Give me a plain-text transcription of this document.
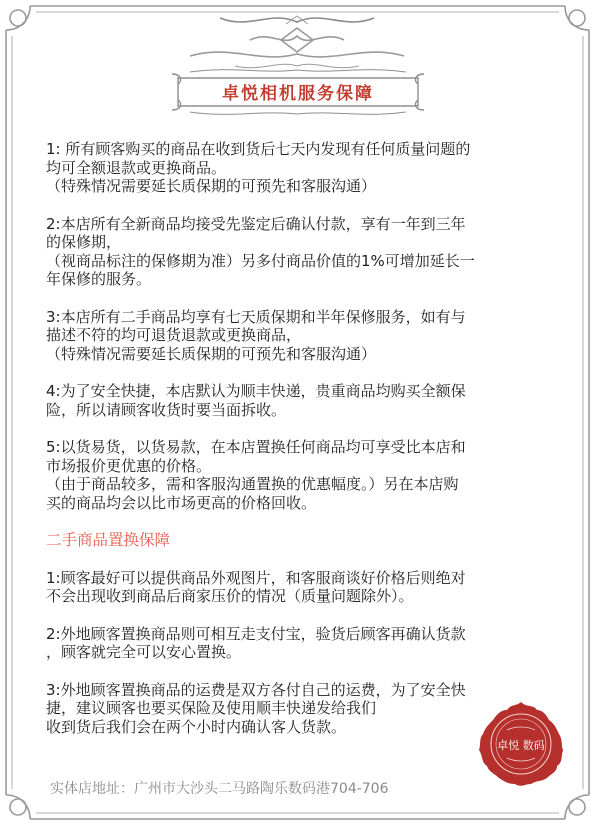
卓悦相机服务保障

1: 所有顾客购买的商品在收到货后七天内发现有任何质量问题的

均可全额退款或更换商品。

（特殊情况需要延长质保期的可预先和客服沟通）

2:本店所有全新商品均接受先鉴定后确认付款，享有一年到三年

的保修期，

（视商品标注的保修期为准）另多付商品价值的1%可增加延长一

年保修的服务。

3:本店所有二手商品均享有七天质保期和半年保修服务，如有与

描述不符的均可退货退款或更换商品，

（特殊情况需要延长质保期的可预先和客服沟通）

4:为了安全快捷，本店默认为顺丰快递，贵重商品均购买全额保

险，所以请顾客收货时要当面拆收。

5:以货易货，以货易款，在本店置换任何商品均可享受比本店和

市场报价更优惠的价格。

（由于商品较多，需和客服沟通置换的优惠幅度。）另在本店购

买的商品均会以比市场更高的价格回收。

二手商品置换保障

1:顾客最好可以提供商品外观图片，和客服商谈好价格后则绝对

不会出现收到商品后商家压价的情况（质量问题除外）。

2:外地顾客置换商品则可相互走支付宝，验货后顾客再确认货款

，顾客就完全可以安心置换。

3:外地顾客置换商品的运费是双方各付自己的运费，为了安全快

捷，建议顾客也要买保险及使用顺丰快递发给我们

收到货后我们会在两个小时内确认客人货款。

实体店地址：广州市大沙头二马路陶乐数码港704-706
卓悦 数码
